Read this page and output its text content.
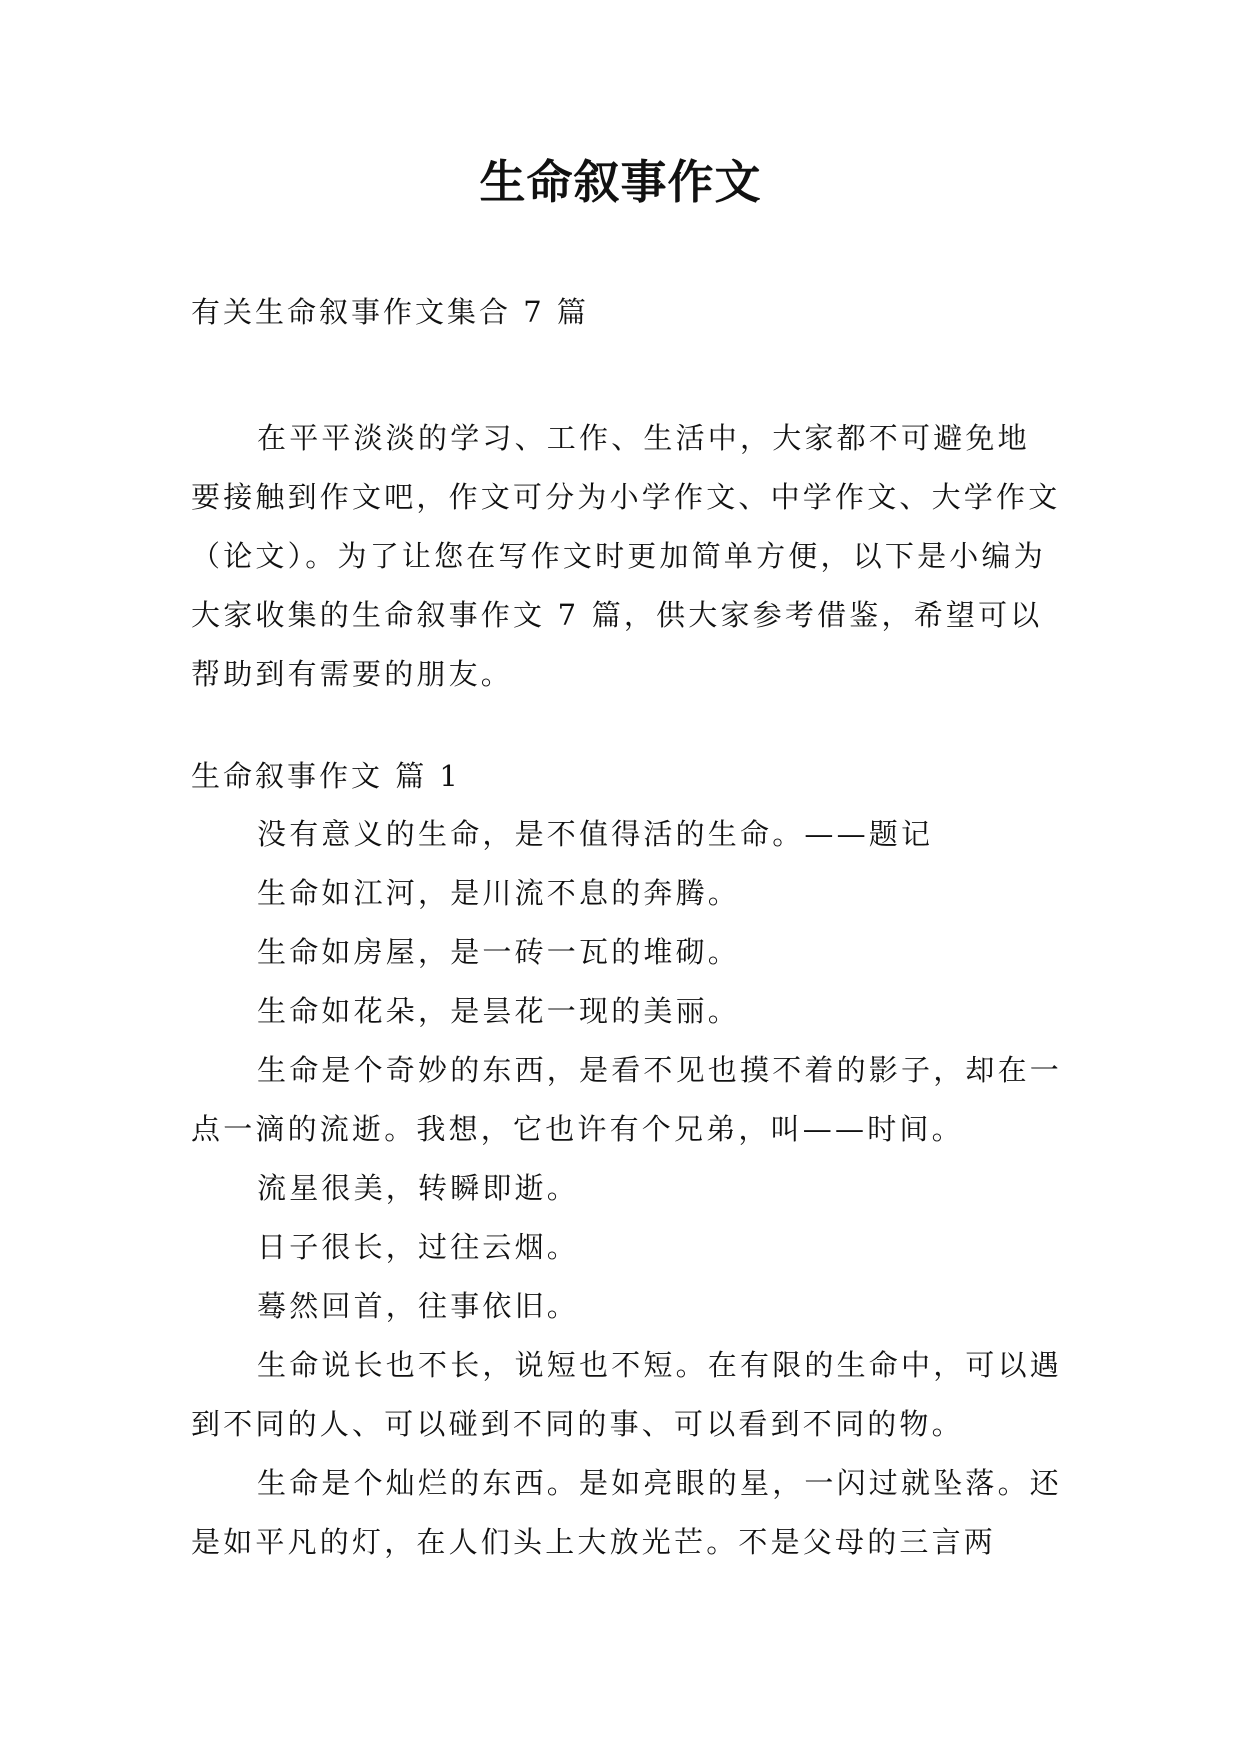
生命叙事作文
有关生命叙事作文集合 7 篇

在平平淡淡的学习、工作、生活中，大家都不可避免地要接触到作文吧，作文可分为小学作文、中学作文、大学作文（论文）。为了让您在写作文时更加简单方便，以下是小编为大家收集的生命叙事作文 7 篇，供大家参考借鉴，希望可以帮助到有需要的朋友。

生命叙事作文 篇 1

没有意义的生命，是不值得活的生命。——题记

生命如江河，是川流不息的奔腾。

生命如房屋，是一砖一瓦的堆砌。

生命如花朵，是昙花一现的美丽。

生命是个奇妙的东西，是看不见也摸不着的影子，却在一点一滴的流逝。我想，它也许有个兄弟，叫——时间。

流星很美，转瞬即逝。

日子很长，过往云烟。

蓦然回首，往事依旧。

生命说长也不长，说短也不短。在有限的生命中，可以遇到不同的人、可以碰到不同的事、可以看到不同的物。

生命是个灿烂的东西。是如亮眼的星，一闪过就坠落。还是如平凡的灯，在人们头上大放光芒。不是父母的三言两
